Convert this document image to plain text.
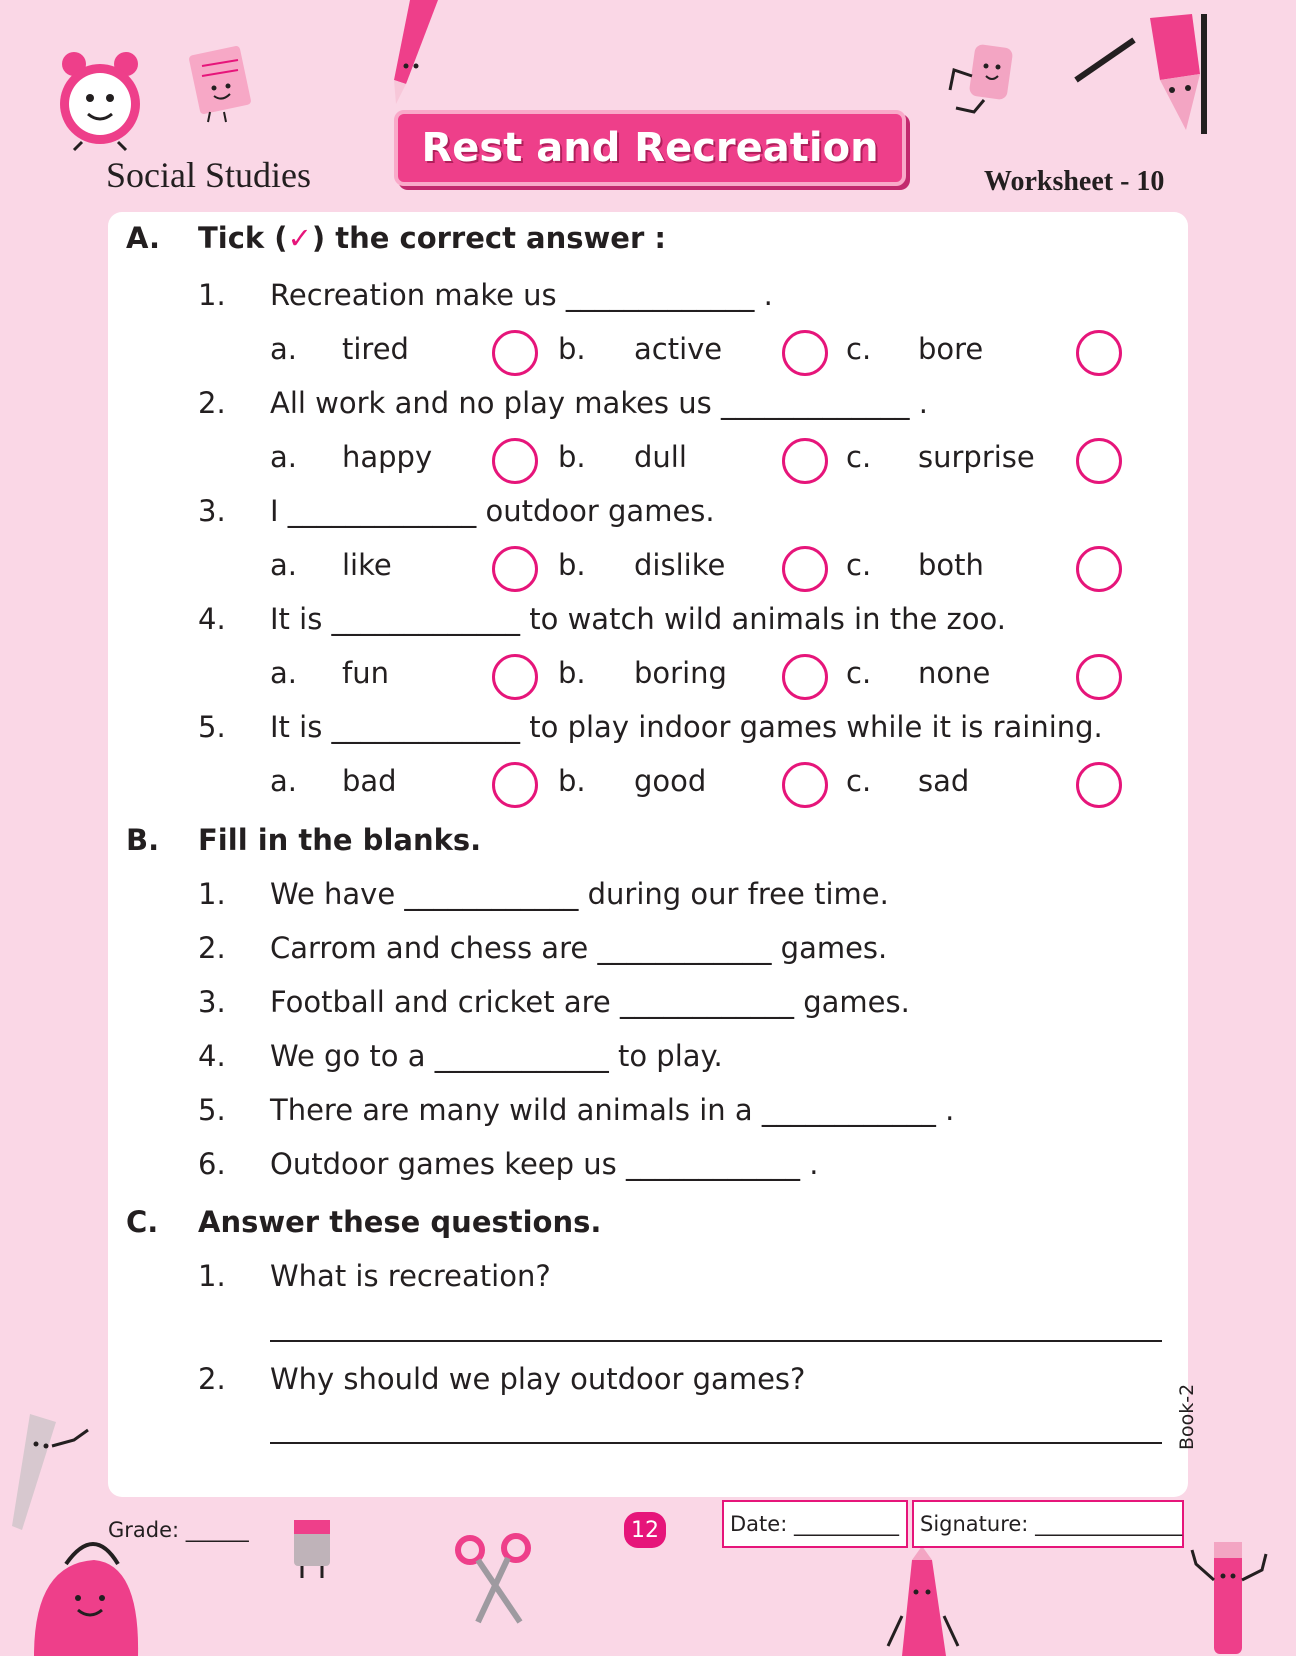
Social Studies
Rest and Recreation
Worksheet - 10
A. Tick (✓) the correct answer :
1. Recreation make us _____________ .
a. tired	b. active	c. bore
2. All work and no play makes us _____________ .
a. happy	b. dull	c. surprise
3. I _____________ outdoor games.
a. like	b. dislike	c. both
4. It is _____________ to watch wild animals in the zoo.
a. fun	b. boring	c. none
5. It is _____________ to play indoor games while it is raining.
a. bad	b. good	c. sad
B. Fill in the blanks.
1. We have ____________ during our free time.
2. Carrom and chess are ____________ games.
3. Football and cricket are ____________ games.
4. We go to a ____________ to play.
5. There are many wild animals in a ____________ .
6. Outdoor games keep us ____________ .
C. Answer these questions.
1. What is recreation?
2. Why should we play outdoor games?
Book-2
Grade: ______	12	Date:
__________ Signature:
______________
